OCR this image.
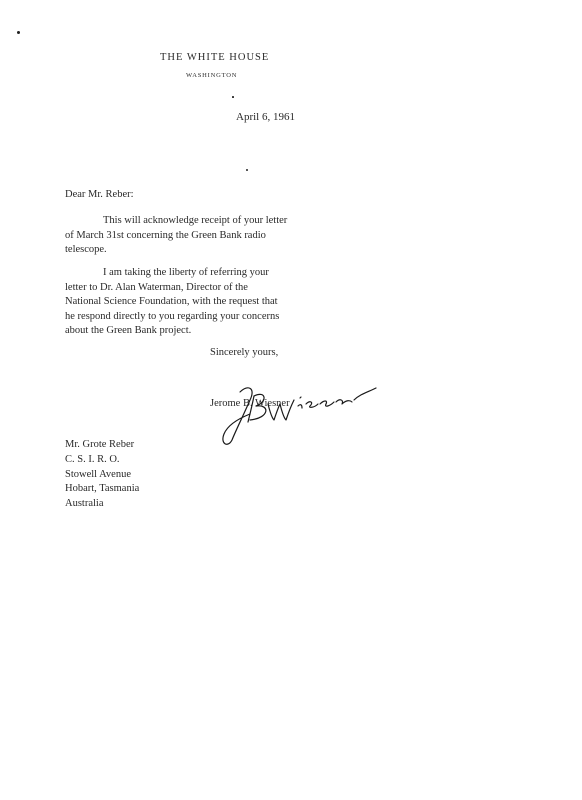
THE WHITE HOUSE
WASHINGTON
April 6, 1961
Dear Mr. Reber:

This will acknowledge receipt of your letter
of March 31st concerning the Green Bank radio
telescope.

I am taking the liberty of referring your
letter to Dr. Alan Waterman, Director of the
National Science Foundation, with the request that
he respond directly to you regarding your concerns
about the Green Bank project.

Sincerely yours,
Jerome B. Wiesner
Mr. Grote Reber
C. S. I. R. O.
Stowell Avenue
Hobart, Tasmania
Australia
